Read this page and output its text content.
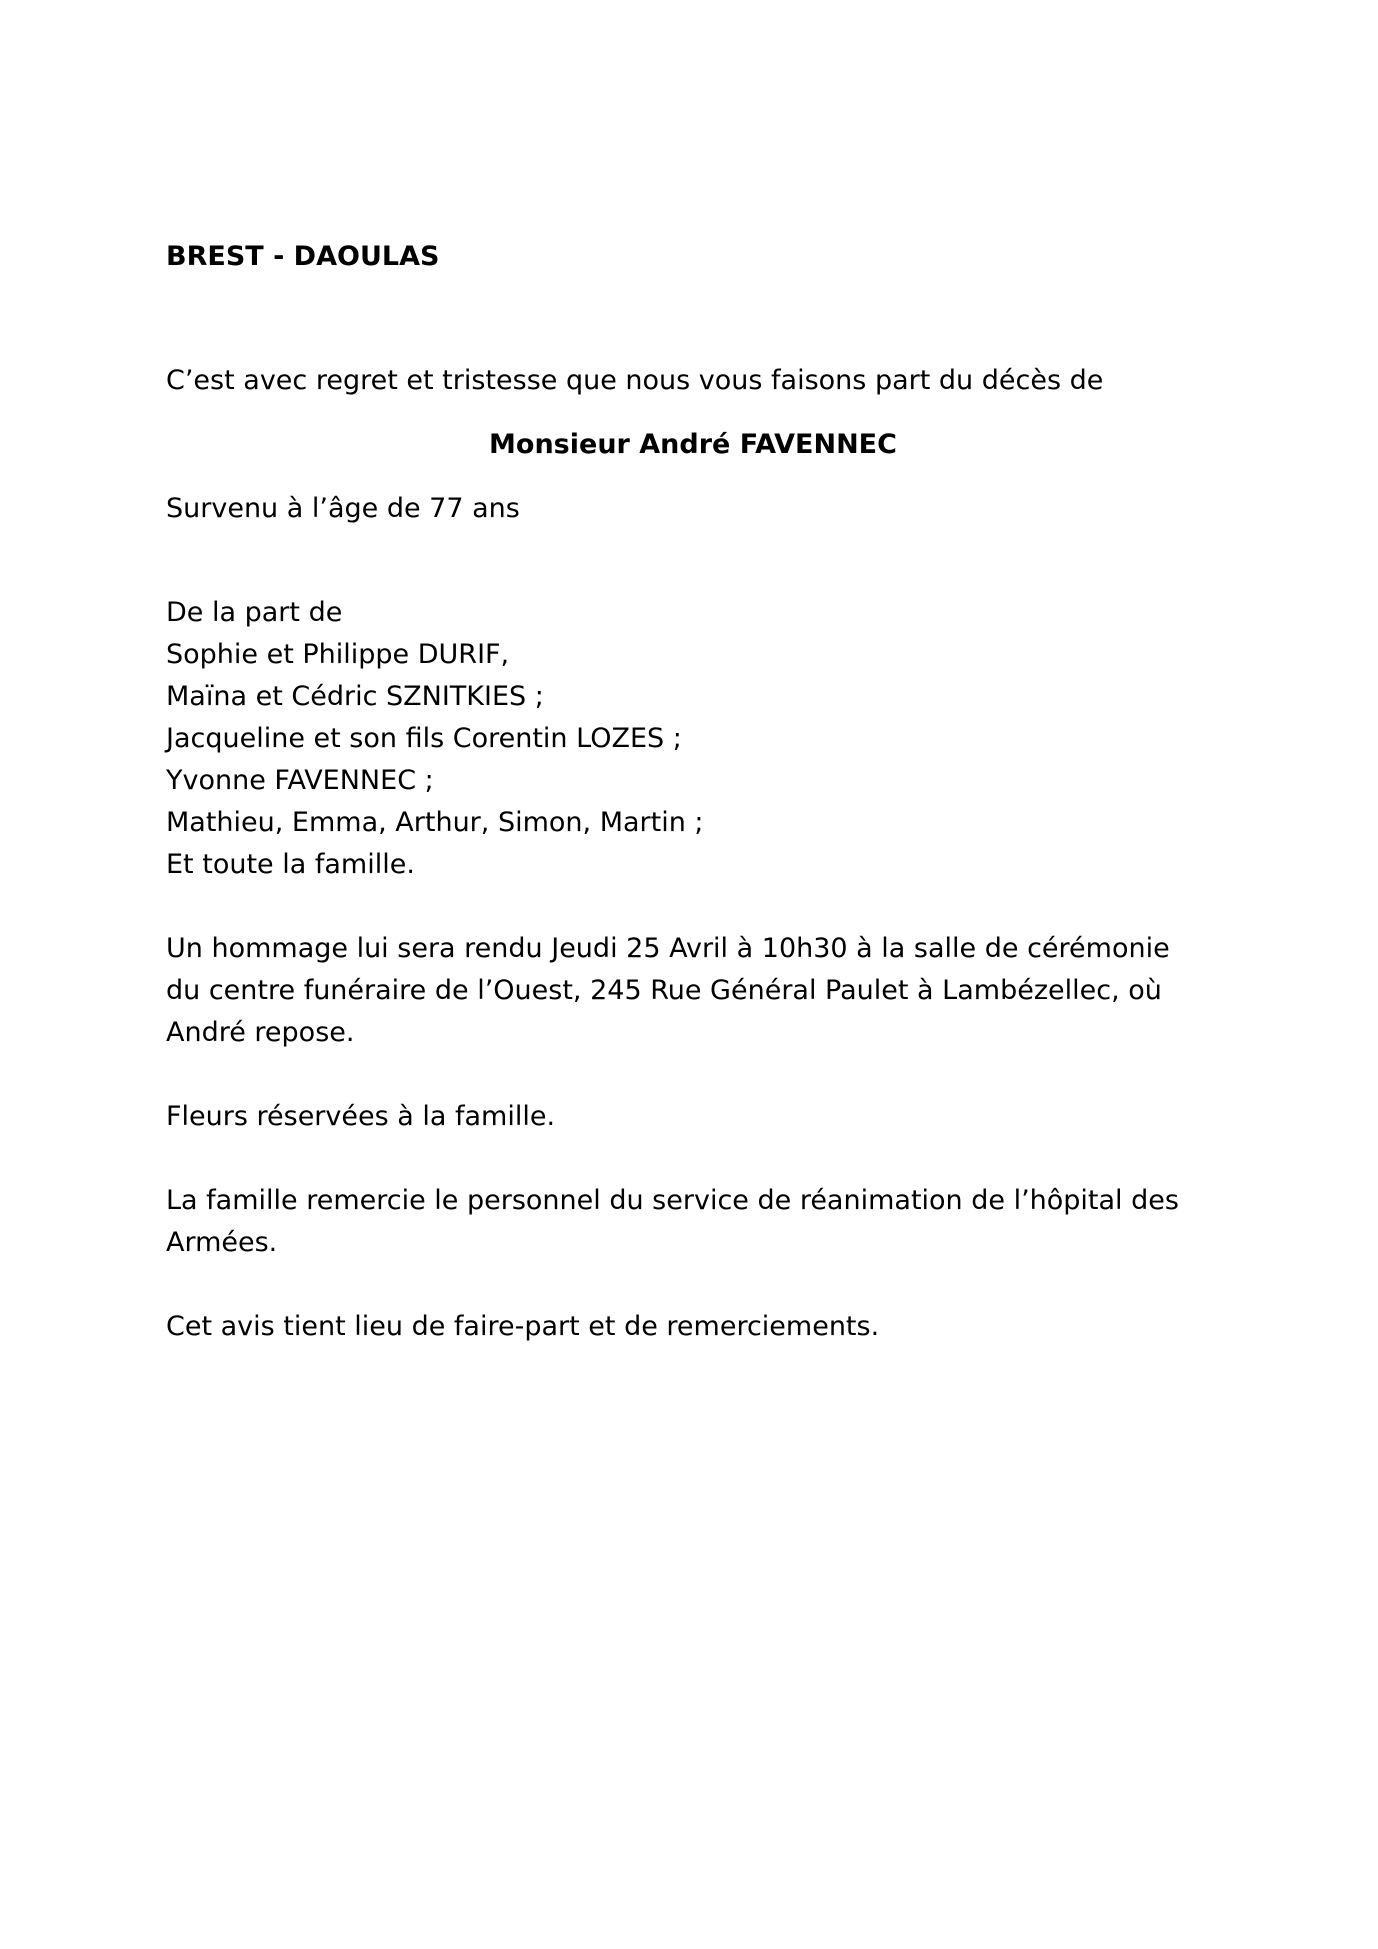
BREST - DAOULAS

C’est avec regret et tristesse que nous vous faisons part du décès de

Monsieur André FAVENNEC

Survenu à l’âge de 77 ans

De la part de
Sophie et Philippe DURIF,
Maïna et Cédric SZNITKIES ;
Jacqueline et son fils Corentin LOZES ;
Yvonne FAVENNEC ;
Mathieu, Emma, Arthur, Simon, Martin ;
Et toute la famille.
Un hommage lui sera rendu Jeudi 25 Avril à 10h30 à la salle de cérémonie
du centre funéraire de l’Ouest, 245 Rue Général Paulet à Lambézellec, où
André repose.

Fleurs réservées à la famille.

La famille remercie le personnel du service de réanimation de l’hôpital des
Armées.

Cet avis tient lieu de faire-part et de remerciements.
